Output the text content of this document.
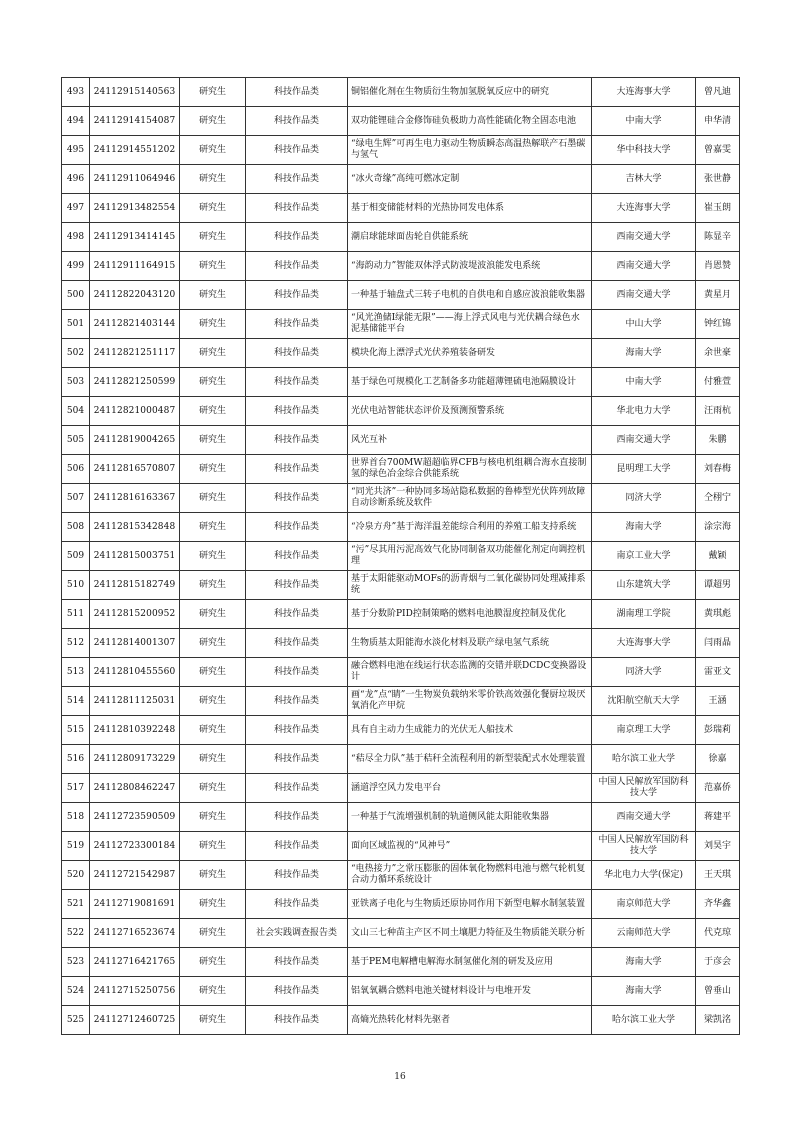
493	24112915140563	研究生	科技作品类	铜铝催化剂在生物质衍生物加氢脱氧反应中的研究	大连海事大学	曾凡迪
494	24112914154087	研究生	科技作品类	双功能锂硅合金修饰硅负极助力高性能硫化物全固态电池	中南大学	申华清
495	24112914551202	研究生	科技作品类	“绿电生辉”可再生电力驱动生物质瞬态高温热解联产石墨碳与氢气	华中科技大学	曾嘉雯
496	24112911064946	研究生	科技作品类	“冰火奇缘”高纯可燃冰定制	吉林大学	张世静
497	24112913482554	研究生	科技作品类	基于相变储能材料的光热协同发电体系	大连海事大学	崔玉朗
498	24112913414145	研究生	科技作品类	潮启球能球面齿轮自供能系统	西南交通大学	陈显辛
499	24112911164915	研究生	科技作品类	“海韵动力”智能双体浮式防波堤波浪能发电系统	西南交通大学	肖恩赞
500	24112822043120	研究生	科技作品类	一种基于轴盘式三转子电机的自供电和自感应波浪能收集器	西南交通大学	黄星月
501	24112821403144	研究生	科技作品类	“风光渔储I绿能无限”——海上浮式风电与光伏耦合绿色水泥基储能平台	中山大学	钟红锦
502	24112821251117	研究生	科技作品类	模块化海上漂浮式光伏养殖装备研发	海南大学	余世豪
503	24112821250599	研究生	科技作品类	基于绿色可规模化工艺制备多功能超薄锂硫电池隔膜设计	中南大学	付雅萱
504	24112821000487	研究生	科技作品类	光伏电站智能状态评价及预测预警系统	华北电力大学	汪雨杭
505	24112819004265	研究生	科技作品类	风光互补	西南交通大学	朱鹏
506	24112816570807	研究生	科技作品类	世界首台700MW超超临界CFB与核电机组耦合海水直接制氢的绿色冶金综合供能系统	昆明理工大学	刘春梅
507	24112816163367	研究生	科技作品类	“同光共济”一种协同多场站隐私数据的鲁棒型光伏阵列故障自动诊断系统及软件	同济大学	仝栩宁
508	24112815342848	研究生	科技作品类	“冷泉方舟”基于海洋温差能综合利用的养殖工船支持系统	海南大学	涂宗海
509	24112815003751	研究生	科技作品类	“污”尽其用污泥高效气化协同制备双功能催化剂定向调控机理	南京工业大学	戴颖
510	24112815182749	研究生	科技作品类	基于太阳能驱动MOFs的沥青烟与二氧化碳协同处理减排系统	山东建筑大学	谭超男
511	24112815200952	研究生	科技作品类	基于分数阶PID控制策略的燃料电池膜湿度控制及优化	湖南理工学院	黄琪彪
512	24112814001307	研究生	科技作品类	生物质基太阳能海水淡化材料及联产绿电氢气系统	大连海事大学	闫雨晶
513	24112810455560	研究生	科技作品类	融合燃料电池在线运行状态监测的交错并联DCDC变换器设计	同济大学	雷亚文
514	24112811125031	研究生	科技作品类	画“龙”点“睛”一生物炭负载纳米零价铁高效强化餐厨垃圾厌氧消化产甲烷	沈阳航空航天大学	王涵
515	24112810392248	研究生	科技作品类	具有自主动力生成能力的光伏无人船技术	南京理工大学	彭瑞莉
516	24112809173229	研究生	科技作品类	“秸尽全力队”基于秸秆全流程利用的新型装配式水处理装置	哈尔滨工业大学	徐嘉
517	24112808462247	研究生	科技作品类	涵道浮空风力发电平台	中国人民解放军国防科技大学	范嘉侨
518	24112723590509	研究生	科技作品类	一种基于气流增强机制的轨道侧风能太阳能收集器	西南交通大学	蒋建平
519	24112723300184	研究生	科技作品类	面向区域监视的“风神号”	中国人民解放军国防科技大学	刘昊宇
520	24112721542987	研究生	科技作品类	“电热接力”之常压膨胀的固体氧化物燃料电池与燃气轮机复合动力循环系统设计	华北电力大学(保定)	王天琪
521	24112719081691	研究生	科技作品类	亚铁离子电化与生物质还原协同作用下新型电解水制氢装置	南京师范大学	齐华鑫
522	24112716523674	研究生	社会实践调查报告类	文山三七种苗主产区不同土壤肥力特征及生物质能关联分析	云南师范大学	代克琼
523	24112716421765	研究生	科技作品类	基于PEM电解槽电解海水制氢催化剂的研发及应用	海南大学	于彦会
524	24112715250756	研究生	科技作品类	铝氧氧耦合燃料电池关键材料设计与电堆开发	海南大学	曾垂山
525	24112712460725	研究生	科技作品类	高熵光热转化材料先驱者	哈尔滨工业大学	梁凯洺
16
